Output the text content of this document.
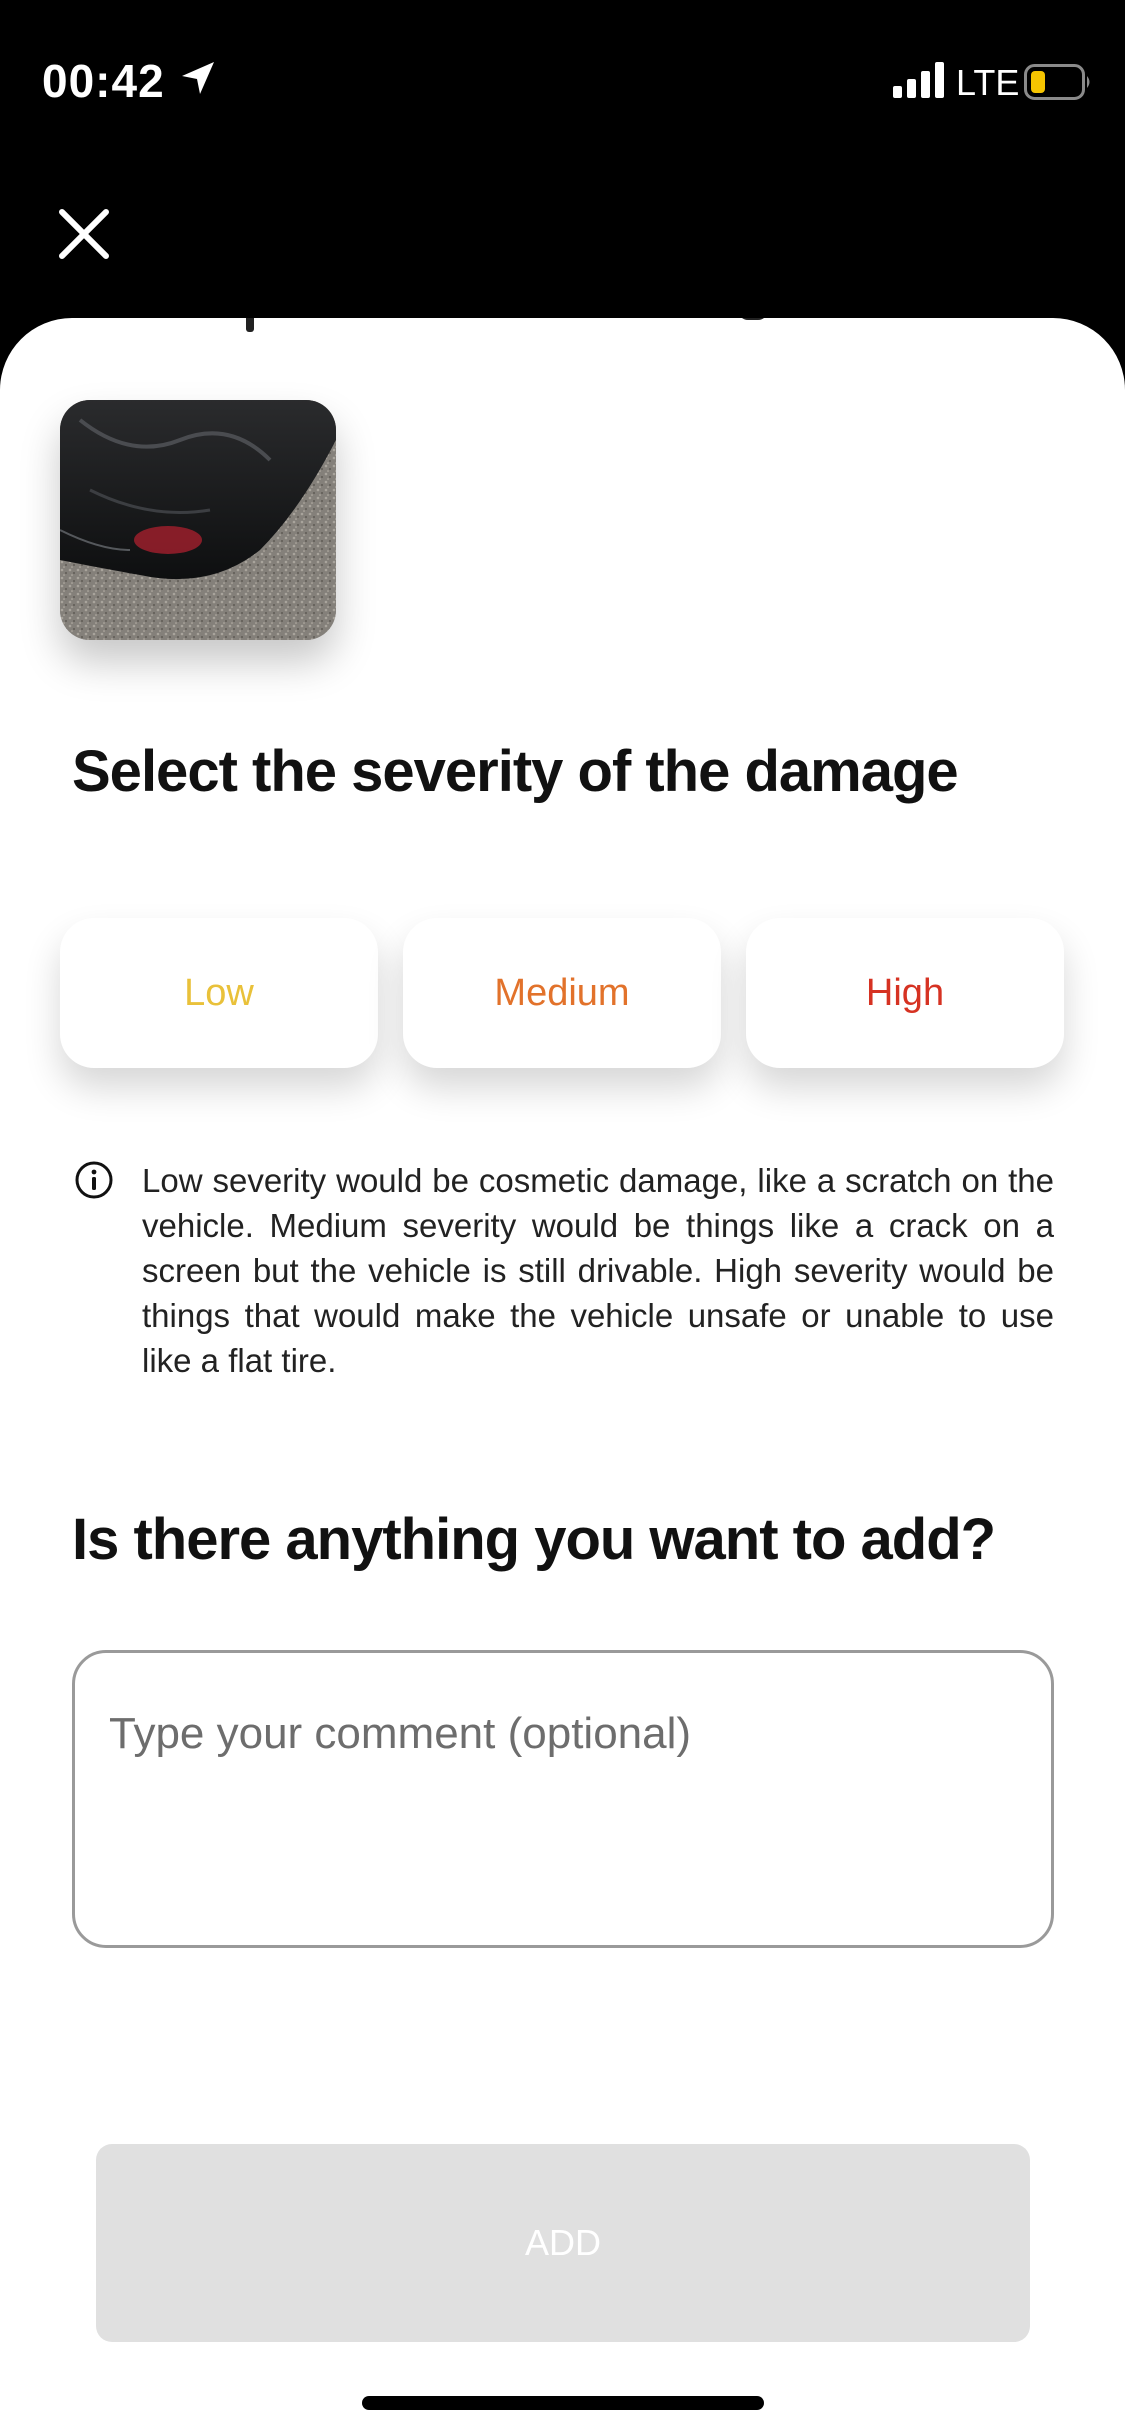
00:42	LTE
Select the severity of the damage
Low	Medium	High
Low severity would be cosmetic damage, like a scratch on the vehicle. Medium severity would be things like a crack on a screen but the vehicle is still drivable. High severity would be things that would make the vehicle unsafe or unable to use like a flat tire.
Is there anything you want to add?
Type your comment (optional)
ADD
